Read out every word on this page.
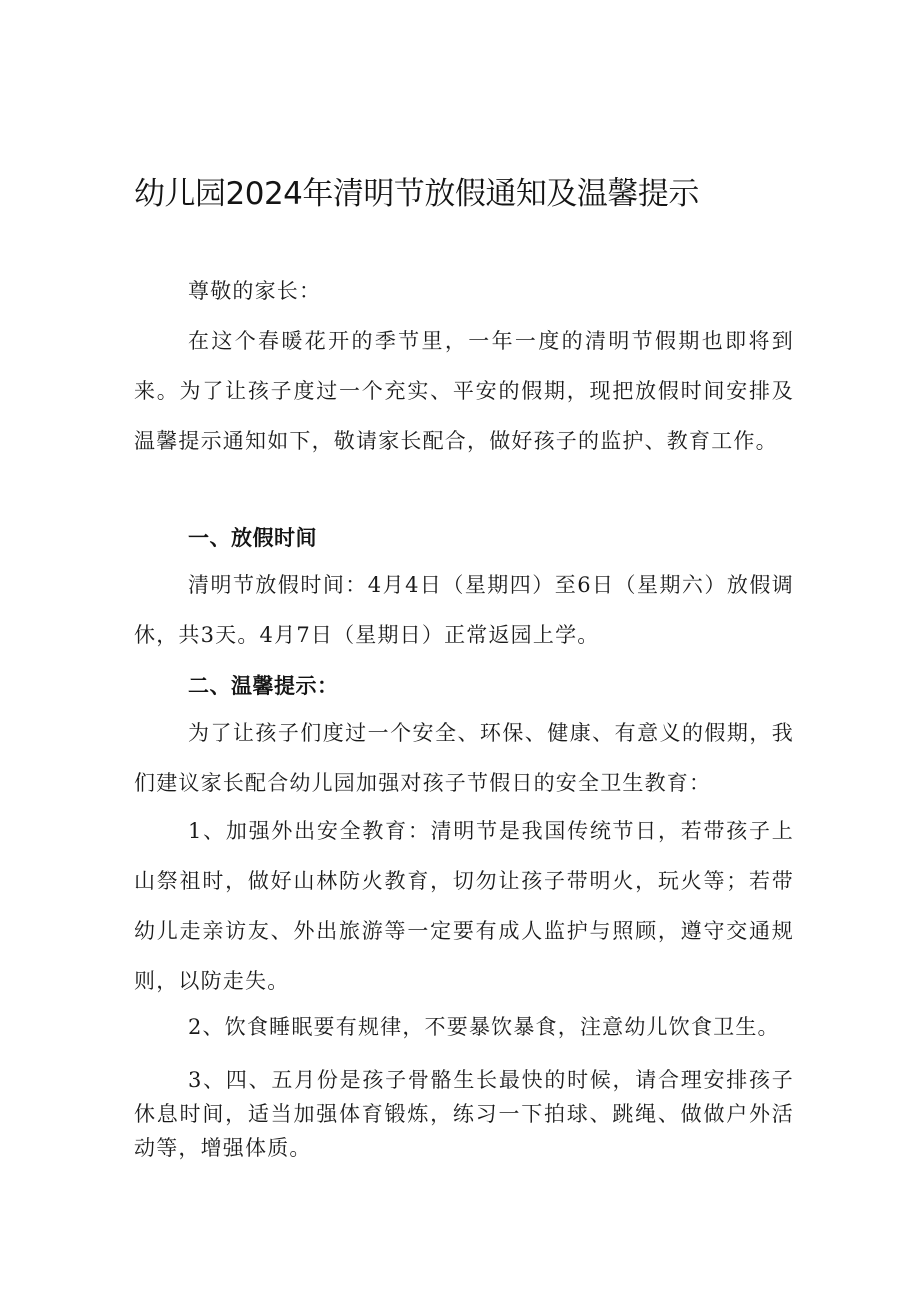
幼儿园2024年清明节放假通知及温馨提示

尊敬的家长：

在这个春暖花开的季节里，一年一度的清明节假期也即将到来。为了让孩子度过一个充实、平安的假期，现把放假时间安排及温馨提示通知如下，敬请家长配合，做好孩子的监护、教育工作。

一、放假时间

清明节放假时间：4月4日（星期四）至6日（星期六）放假调休，共3天。4月7日（星期日）正常返园上学。

二、温馨提示：

为了让孩子们度过一个安全、环保、健康、有意义的假期，我们建议家长配合幼儿园加强对孩子节假日的安全卫生教育：

1、加强外出安全教育：清明节是我国传统节日，若带孩子上山祭祖时，做好山林防火教育，切勿让孩子带明火，玩火等；若带幼儿走亲访友、外出旅游等一定要有成人监护与照顾，遵守交通规则，以防走失。

2、饮食睡眠要有规律，不要暴饮暴食，注意幼儿饮食卫生。

3、四、五月份是孩子骨骼生长最快的时候，请合理安排孩子休息时间，适当加强体育锻炼，练习一下拍球、跳绳、做做户外活动等，增强体质。
